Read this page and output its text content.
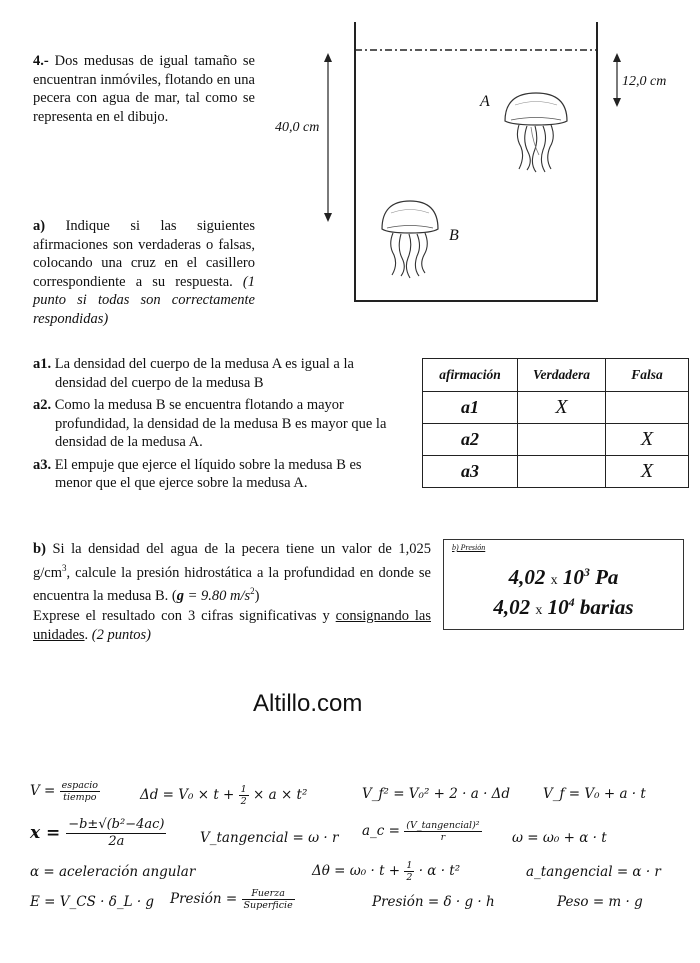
4.- Dos medusas de igual tamaño se encuentran inmóviles, flotando en una pecera con agua de mar, tal como se representa en el dibujo.
a) Indique si las siguientes afirmaciones son verdaderas o falsas, colocando una cruz en el casillero correspondiente a su respuesta. (1 punto si todas son correctamente respondidas)
40,0 cm
12,0 cm
A
B
a1. La densidad del cuerpo de la medusa A es igual a la densidad del cuerpo de la medusa B
a2. Como la medusa B se encuentra flotando a mayor profundidad, la densidad de la medusa B es mayor que la densidad de la medusa A.
a3. El empuje que ejerce el líquido sobre la medusa B es menor que el que ejerce sobre la medusa A.
afirmación	Verdadera	Falsa
a1	X	
a2		X
a3		X
b) Si la densidad del agua de la pecera tiene un valor de 1,025 $g/cm^3$, calcule la presión hidrostática a la profundidad en donde se encuentra la medusa B. (g = 9.80 $m/s^2$)
Exprese el resultado con 3 cifras significativas y consignando las unidades. (2 puntos)
b) Presión
4,02 x $10^3$ Pa
4,02 x $10^4$ barias
Altillo.com
$V = \frac{\text{espacio}}{\text{tiempo}}$	$\Delta d = V_0 \times t + \frac{1}{2} \times a \times t^2$	V_f² = V₀² + 2 · a · Δd V_f = V₀ + a · t
$x = \frac{\text{−b±√(b²−4ac)}}{2a}$ V_tangencial = ω · r a_c = $\frac{\text{(V\_tangencial)²}}{r}$ ω = ω₀ + α · t
α = aceleración angular	$\Delta\theta = \omega_0 \cdot t + \frac{1}{2} \cdot \alpha \cdot t^2$	a_tangencial = α · r
E = V_CS · δ_L · g Presión = $\frac{\text{Fuerza}}{\text{Superficie}}$	Presión = δ · g · h	Peso = m · g
